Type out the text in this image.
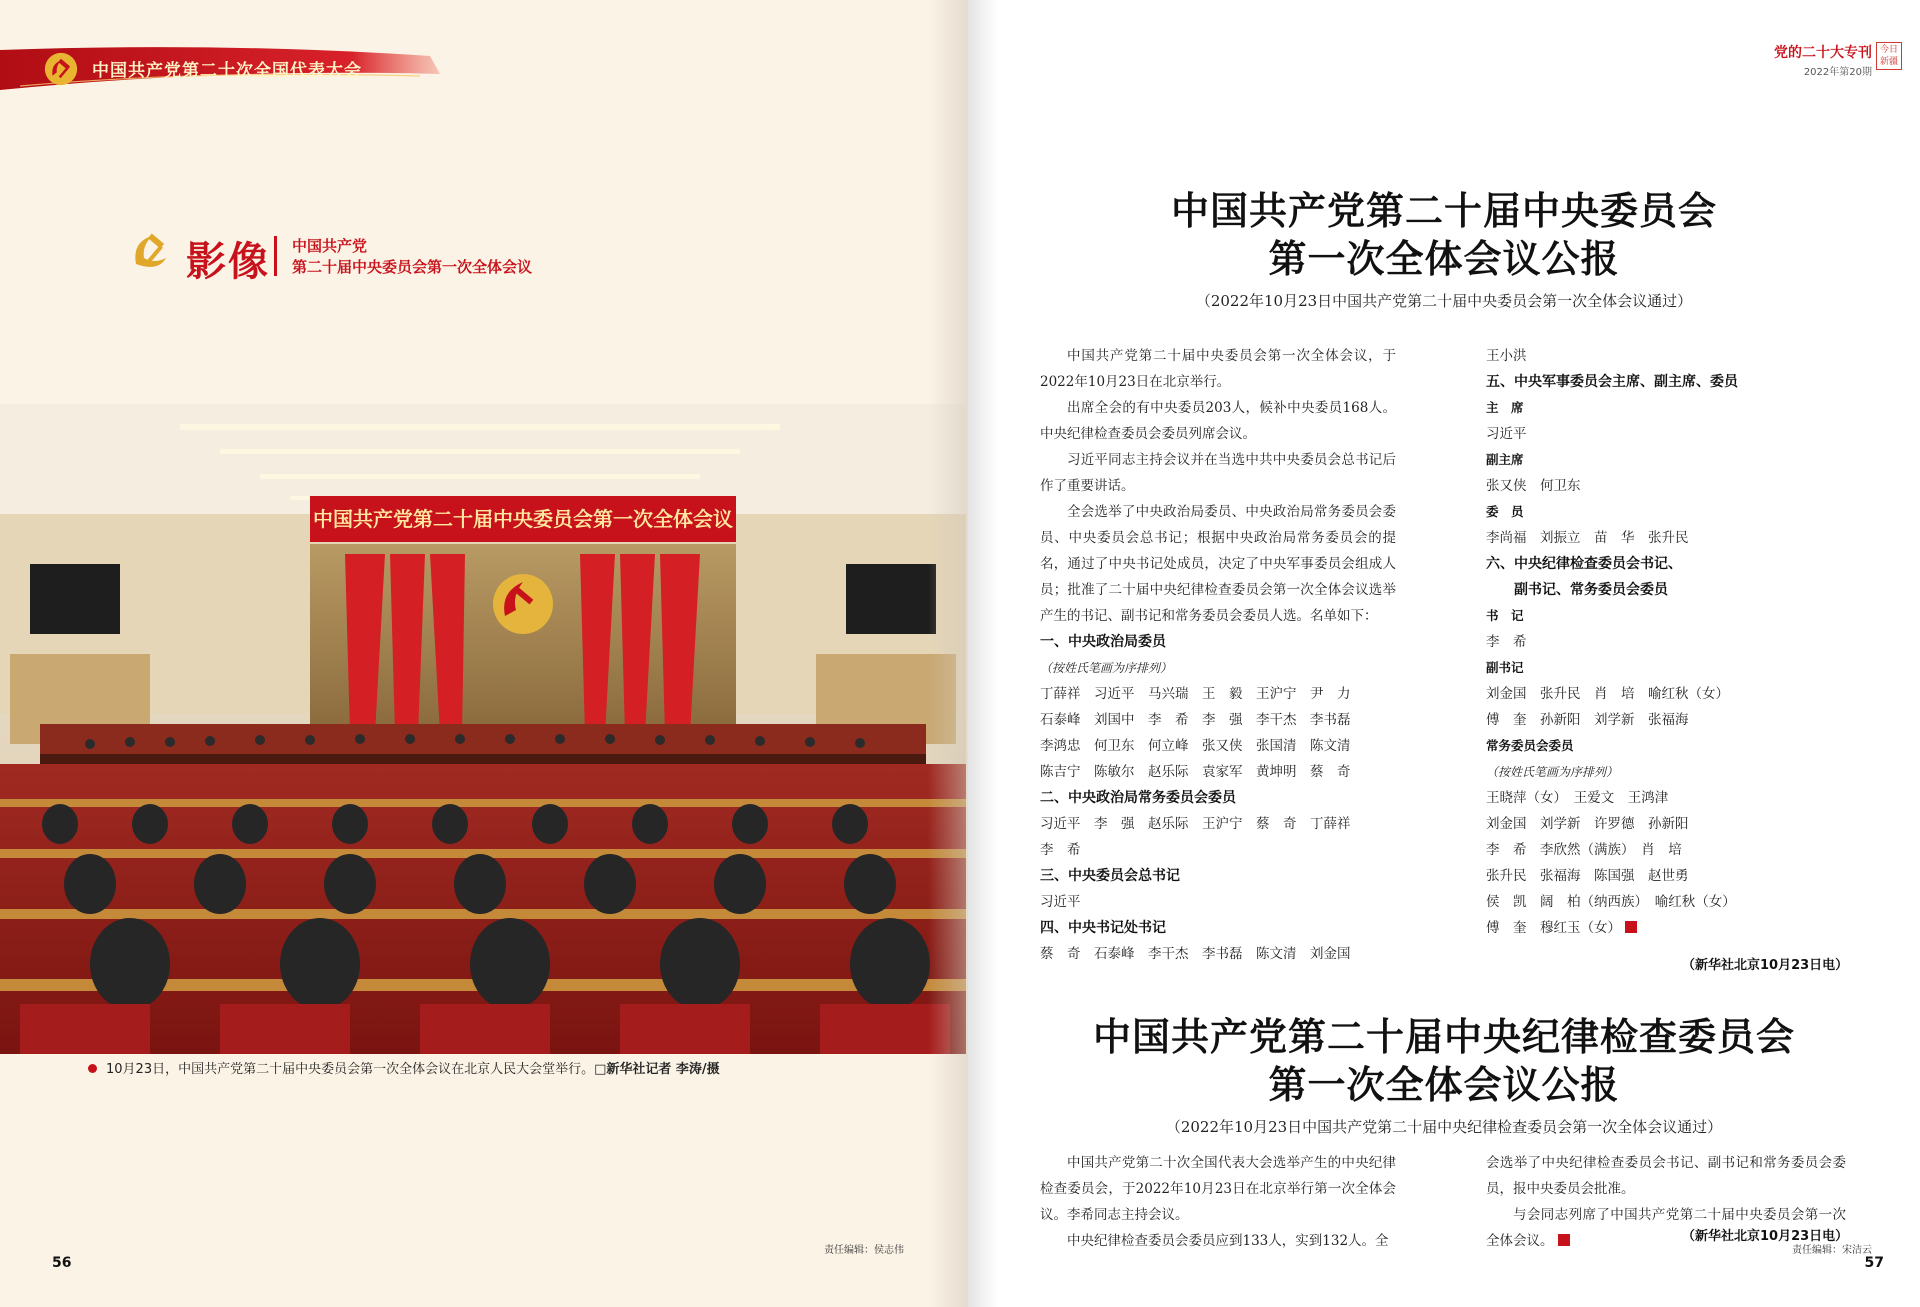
中国共产党第二十次全国代表大会
影像 中国共产党
第二十届中央委员会第一次全体会议
中国共产党第二十届中央委员会第一次全体会议
10月23日，中国共产党第二十届中央委员会第一次全体会议在北京人民大会堂举行。□新华社记者 李涛/摄
责任编辑：侯志伟
56
党的二十大专刊
2022年第20期
今日新疆
中国共产党第二十届中央委员会
第一次全体会议公报
（2022年10月23日中国共产党第二十届中央委员会第一次全体会议通过）

中国共产党第二十届中央委员会第一次全体会议，于2022年10月23日在北京举行。

出席全会的有中央委员203人，候补中央委员168人。中央纪律检查委员会委员列席会议。

习近平同志主持会议并在当选中共中央委员会总书记后作了重要讲话。

全会选举了中央政治局委员、中央政治局常务委员会委员、中央委员会总书记；根据中央政治局常务委员会的提名，通过了中央书记处成员，决定了中央军事委员会组成人员；批准了二十届中央纪律检查委员会第一次全体会议选举产生的书记、副书记和常务委员会委员人选。名单如下：

一、中央政治局委员

（按姓氏笔画为序排列）

丁薛祥　习近平　马兴瑞　王　毅　王沪宁　尹　力

石泰峰　刘国中　李　希　李　强　李干杰　李书磊

李鸿忠　何卫东　何立峰　张又侠　张国清　陈文清

陈吉宁　陈敏尔　赵乐际　袁家军　黄坤明　蔡　奇

二、中央政治局常务委员会委员

习近平　李　强　赵乐际　王沪宁　蔡　奇　丁薛祥

李　希

三、中央委员会总书记

习近平

四、中央书记处书记

蔡　奇　石泰峰　李干杰　李书磊　陈文清　刘金国

王小洪

五、中央军事委员会主席、副主席、委员

主　席

习近平

副主席

张又侠　何卫东

委　员

李尚福　刘振立　苗　华　张升民

六、中央纪律检查委员会书记、

副书记、常务委员会委员

书　记

李　希

副书记

刘金国　张升民　肖　培　喻红秋（女）

傅　奎　孙新阳　刘学新　张福海

常务委员会委员

（按姓氏笔画为序排列）

王晓萍（女）　王爱文　王鸿津

刘金国　刘学新　许罗德　孙新阳

李　希　李欣然（满族）　肖　培

张升民　张福海　陈国强　赵世勇

侯　凯　阔　柏（纳西族）　喻红秋（女）

傅　奎　穆红玉（女）

（新华社北京10月23日电）
中国共产党第二十届中央纪律检查委员会
第一次全体会议公报
（2022年10月23日中国共产党第二十届中央纪律检查委员会第一次全体会议通过）

中国共产党第二十次全国代表大会选举产生的中央纪律检查委员会，于2022年10月23日在北京举行第一次全体会议。李希同志主持会议。

中央纪律检查委员会委员应到133人，实到132人。全

会选举了中央纪律检查委员会书记、副书记和常务委员会委员，报中央委员会批准。

与会同志列席了中国共产党第二十届中央委员会第一次全体会议。	（新华社北京10月23日电）
责任编辑：宋洁云
57
